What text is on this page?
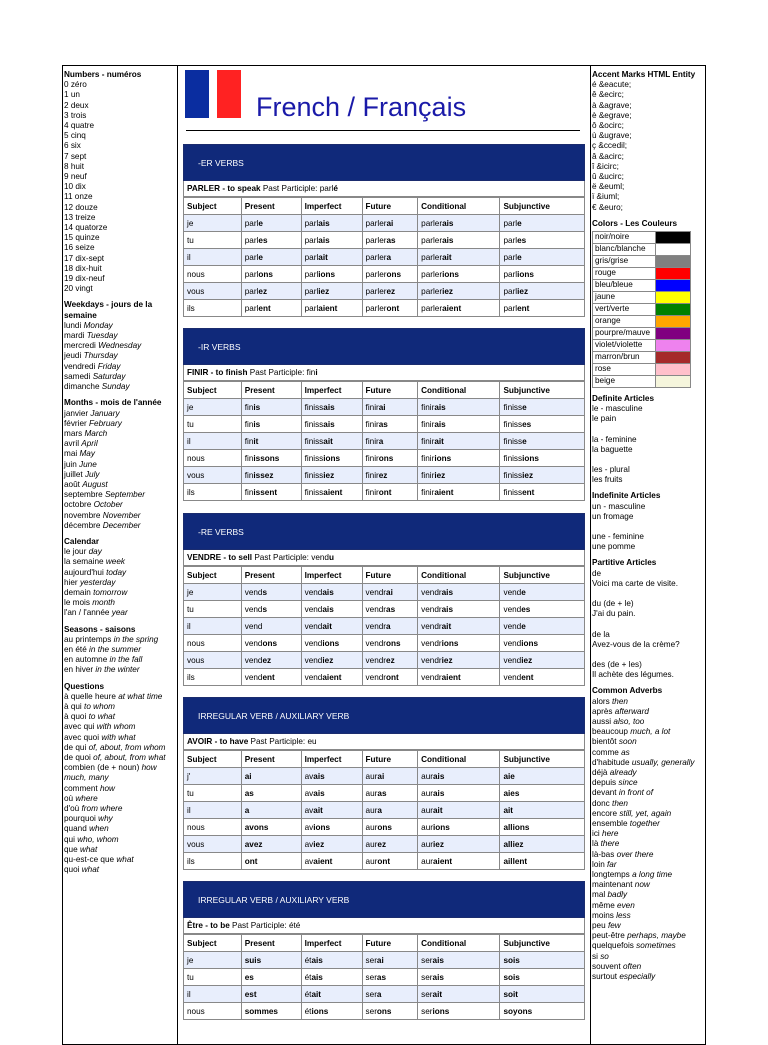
Numbers - numéros
0 zéro
1 un
2 deux
3 trois
4 quatre
5 cinq
6 six
7 sept
8 huit
9 neuf
10 dix
11 onze
12 douze
13 treize
14 quatorze
15 quinze
16 seize
17 dix-sept
18 dix-huit
19 dix-neuf
20 vingt
Weekdays - jours de la semaine
lundi Monday
mardi Tuesday
mercredi Wednesday
jeudi Thursday
vendredi Friday
samedi Saturday
dimanche Sunday
Months - mois de l'année
janvier January
février February
mars March
avril April
mai May
juin June
juillet July
août August
septembre September
octobre October
novembre November
décembre December
Calendar
le jour day
la semaine week
aujourd'hui today
hier yesterday
demain tomorrow
le mois month
l'an / l'année year
Seasons - saisons
au printemps in the spring
en été in the summer
en automne in the fall
en hiver in the winter
Questions
à quelle heure at what time
à qui to whom
à quoi to what
avec qui with whom
avec quoi with what
de qui of, about, from whom
de quoi of, about, from what
combien (de + noun) how much, many
comment how
où where
d'où from where
pourquoi why
quand when
qui who, whom
que what
qu-est-ce que what
quoi what
French / Français
-ER VERBS
PARLER - to speak Past Participle: parlé
Subject	Present	Imperfect	Future	Conditional	Subjunctive
je	parle	parlais	parlerai	parlerais	parle
tu	parles	parlais	parleras	parlerais	parles
il	parle	parlait	parlera	parlerait	parle
nous	parlons	parlions	parlerons	parlerions	parlions
vous	parlez	parliez	parlerez	parleriez	parliez
ils	parlent	parlaient	parleront	parleraient	parlent
-IR VERBS
FINIR - to finish Past Participle: fini
Subject	Present	Imperfect	Future	Conditional	Subjunctive
je	finis	finissais	finirai	finirais	finisse
tu	finis	finissais	finiras	finirais	finisses
il	finit	finissait	finira	finirait	finisse
nous	finissons	finissions	finirons	finirions	finissions
vous	finissez	finissiez	finirez	finiriez	finissiez
ils	finissent	finissaient	finiront	finiraient	finissent
-RE VERBS
VENDRE - to sell Past Participle: vendu
Subject	Present	Imperfect	Future	Conditional	Subjunctive
je	vends	vendais	vendrai	vendrais	vende
tu	vends	vendais	vendras	vendrais	vendes
il	vend	vendait	vendra	vendrait	vende
nous	vendons	vendions	vendrons	vendrions	vendions
vous	vendez	vendiez	vendrez	vendriez	vendiez
ils	vendent	vendaient	vendront	vendraient	vendent
IRREGULAR VERB / AUXILIARY VERB
AVOIR - to have Past Participle: eu
Subject	Present	Imperfect	Future	Conditional	Subjunctive
j'	ai	avais	aurai	aurais	aie
tu	as	avais	auras	aurais	aies
il	a	avait	aura	aurait	ait
nous	avons	avions	aurons	aurions	allions
vous	avez	aviez	aurez	auriez	alliez
ils	ont	avaient	auront	auraient	aillent
IRREGULAR VERB / AUXILIARY VERB
Être - to be Past Participle: été
Subject	Present	Imperfect	Future	Conditional	Subjunctive
je	suis	étais	serai	serais	sois
tu	es	étais	seras	serais	sois
il	est	était	sera	serait	soit
nous	sommes	étions	serons	serions	soyons
Accent Marks HTML Entity
é &eacute;
ê &ecirc;
à &agrave;
è &egrave;
ô &ocirc;
ù &ugrave;
ç &ccedil;
â &acirc;
î &icirc;
û &ucirc;
ë &euml;
ï &iuml;
€ &euro;
Colors - Les Couleurs
noir/noire	
blanc/blanche	
gris/grise	
rouge	
bleu/bleue	
jaune	
vert/verte	
orange	
pourpre/mauve	
violet/violette	
marron/brun	
rose	
beige	
Definite Articles
le - masculine
le pain
la - feminine
la baguette
les - plural
les fruits
Indefinite Articles
un - masculine
un fromage
une - feminine
une pomme
Partitive Articles
de
Voici ma carte de visite.
du (de + le)
J'ai du pain.
de la
Avez-vous de la crème?
des (de + les)
Il achète des légumes.
Common Adverbs
alors then
après afterward
aussi also, too
beaucoup much, a lot
bientôt soon
comme as
d'habitude usually, generally
déjà already
depuis since
devant in front of
donc then
encore still, yet, again
ensemble together
ici here
là there
là-bas over there
loin far
longtemps a long time
maintenant now
mal badly
même even
moins less
peu few
peut-être perhaps, maybe
quelquefois sometimes
si so
souvent often
surtout especially
